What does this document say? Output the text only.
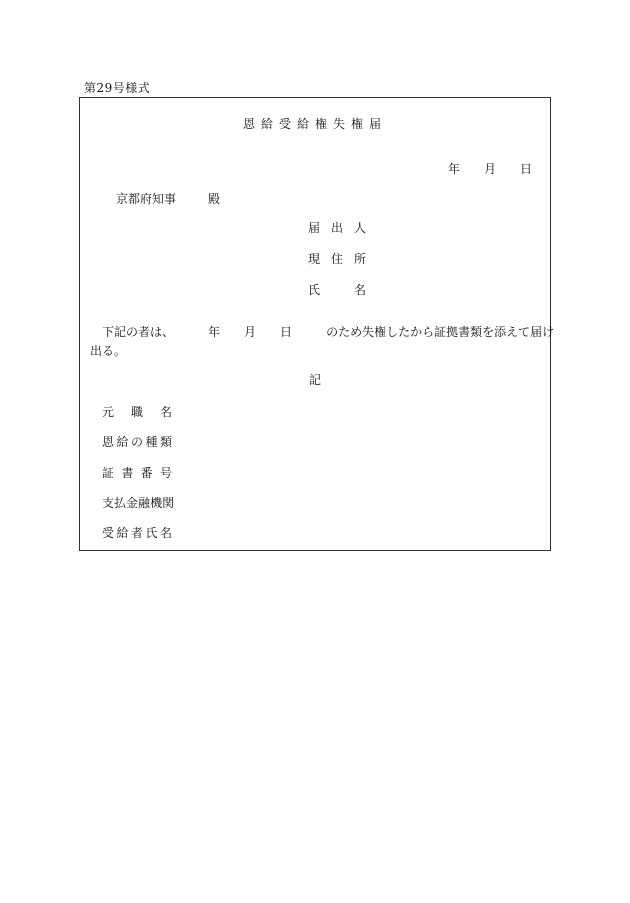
第29号様式
恩給受給権失権届
年 月 日
京都府知事	殿
届 出 人
現 住 所
氏	名
下記の者は、	年 月 日	のため失権したから証拠書類を添えて届け
出る。
記
元 職 名
恩 給 の 種 類
証 書 番 号
支 払 金 融 機 関
受 給 者 氏 名
